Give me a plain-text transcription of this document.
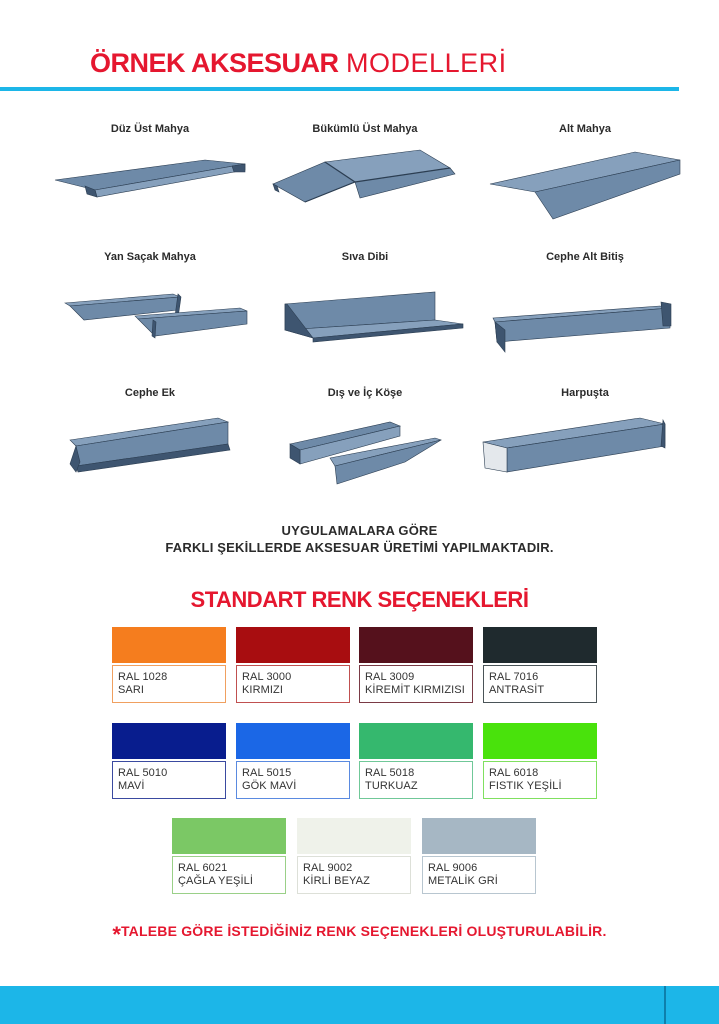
ÖRNEK AKSESUAR MODELLERİ
Düz Üst Mahya	Bükümlü Üst Mahya	Alt Mahya
Yan Saçak Mahya	Sıva Dibi	Cephe Alt Bitiş
Cephe Ek	Dış ve İç Köşe	Harpuşta
UYGULAMALARA GÖRE
FARKLI ŞEKİLLERDE AKSESUAR ÜRETİMİ YAPILMAKTADIR.
STANDART RENK SEÇENEKLERİ
RAL 1028
SARI
RAL 3000
KIRMIZI
RAL 3009
KİREMİT KIRMIZISI
RAL 7016
ANTRASİT
RAL 5010
MAVİ
RAL 5015
GÖK MAVİ
RAL 5018
TURKUAZ
RAL 6018
FISTIK YEŞİLİ
RAL 6021
ÇAĞLA YEŞİLİ
RAL 9002
KİRLİ BEYAZ
RAL 9006
METALİK GRİ
*TALEBE GÖRE İSTEDİĞİNİZ RENK SEÇENEKLERİ OLUŞTURULABİLİR.
